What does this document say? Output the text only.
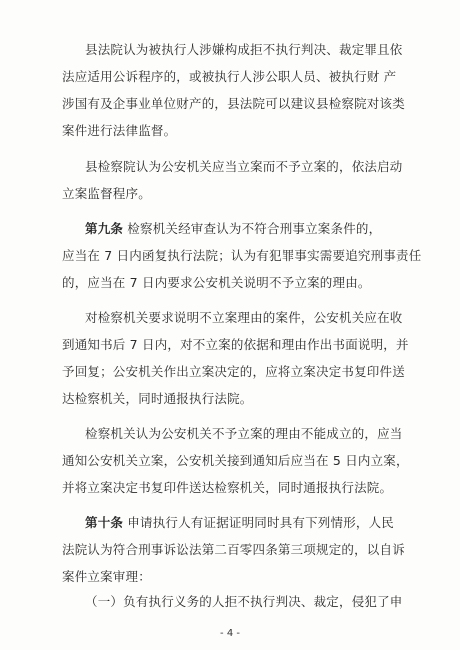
县法院认为被执行人涉嫌构成拒不执行判决、裁定罪且依
法应适用公诉程序的，或被执行人涉公职人员、被执行财 产
涉国有及企事业单位财产的，县法院可以建议县检察院对该类
案件进行法律监督。
县检察院认为公安机关应当立案而不予立案的，依法启动
立案监督程序。
第九条 检察机关经审查认为不符合刑事立案条件的，
应当在 7 日内函复执行法院；认为有犯罪事实需要追究刑事责任
的，应当在 7 日内要求公安机关说明不予立案的理由。
对检察机关要求说明不立案理由的案件，公安机关应在收
到通知书后 7 日内，对不立案的依据和理由作出书面说明，并
予回复；公安机关作出立案决定的，应将立案决定书复印件送
达检察机关，同时通报执行法院。
检察机关认为公安机关不予立案的理由不能成立的，应当
通知公安机关立案，公安机关接到通知后应当在 5 日内立案，
并将立案决定书复印件送达检察机关，同时通报执行法院。
第十条 申请执行人有证据证明同时具有下列情形，人民
法院认为符合刑事诉讼法第二百零四条第三项规定的，以自诉
案件立案审理：
（一）负有执行义务的人拒不执行判决、裁定，侵犯了申
- 4 -
